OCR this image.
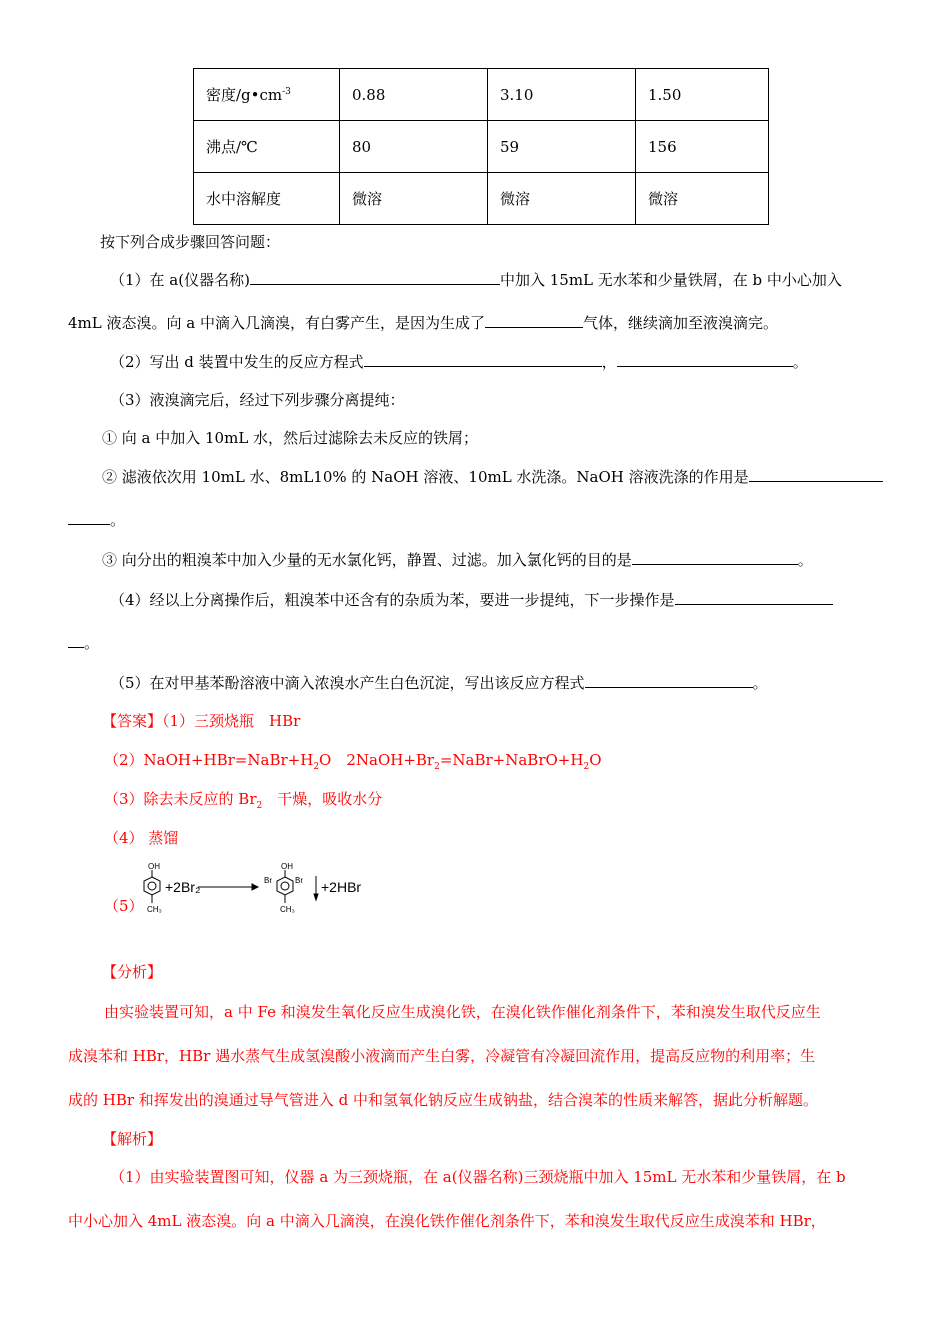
密度$/g•cm^{-3}$	0.88	3.10	1.50
沸点/℃	80	59	156
水中溶解度	微溶	微溶	微溶
按下列合成步骤回答问题：
（1）在 a(仪器名称)	中加入 15mL 无水苯和少量铁屑，在 b 中小心加入
4mL 液态溴。向 a 中滴入几滴溴，有白雾产生，是因为生成了	气体，继续滴加至液溴滴完。
（2）写出 d 装置中发生的反应方程式	，	。
（3）液溴滴完后，经过下列步骤分离提纯：
① 向 a 中加入 10mL 水，然后过滤除去未反应的铁屑；
② 滤液依次用 10mL 水、8mL10% 的 NaOH 溶液、10mL 水洗涤。NaOH 溶液洗涤的作用是
。
③ 向分出的粗溴苯中加入少量的无水氯化钙，静置、过滤。加入氯化钙的目的是	。
（4）经以上分离操作后，粗溴苯中还含有的杂质为苯，要进一步提纯，下一步操作是
。
（5）在对甲基苯酚溶液中滴入浓溴水产生白色沉淀，写出该反应方程式	。
【答案】（1）三颈烧瓶　HBr
$(2)NaOH+HBr=NaBr+H_2O$　$2NaOH+Br_2=NaBr+NaBrO+H_2O$
（3）除去未反应的 $Br_2$　干燥，吸收水分
（4） 蒸馏
（5）
OH
CH₃
+2Br₂
OH
Br	Br
CH₃
+2HBr
【分析】
由实验装置可知，a 中 Fe 和溴发生氧化反应生成溴化铁，在溴化铁作催化剂条件下，苯和溴发生取代反应生
成溴苯和 HBr，HBr 遇水蒸气生成氢溴酸小液滴而产生白雾，冷凝管有冷凝回流作用，提高反应物的利用率；生
成的 HBr 和挥发出的溴通过导气管进入 d 中和氢氧化钠反应生成钠盐，结合溴苯的性质来解答，据此分析解题。
【解析】
（1）由实验装置图可知，仪器 a 为三颈烧瓶，在 a(仪器名称)三颈烧瓶中加入 15mL 无水苯和少量铁屑，在 b
中小心加入 4mL 液态溴。向 a 中滴入几滴溴，在溴化铁作催化剂条件下，苯和溴发生取代反应生成溴苯和 HBr，
